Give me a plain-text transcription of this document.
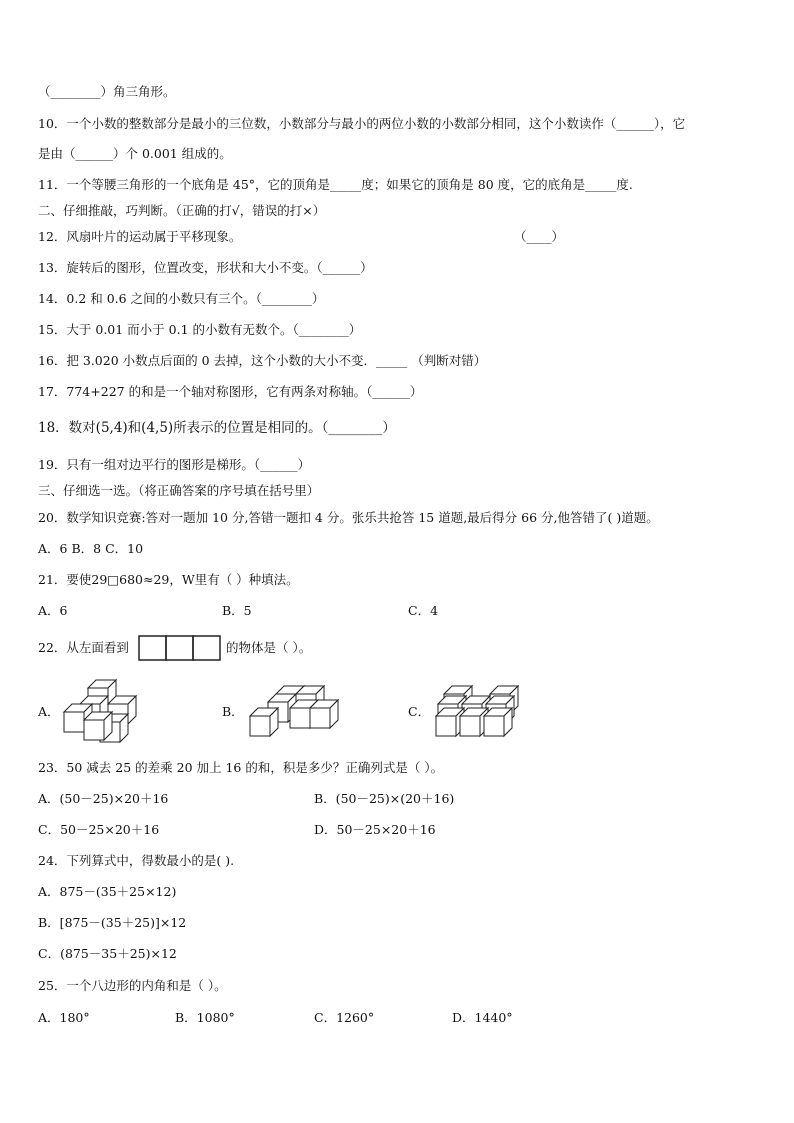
（________）角三角形。
10．一个小数的整数部分是最小的三位数，小数部分与最小的两位小数的小数部分相同，这个小数读作（______），它
是由（______）个 0.001 组成的。
11．一个等腰三角形的一个底角是 45°，它的顶角是_____度；如果它的顶角是 80 度，它的底角是_____度.
二、仔细推敲，巧判断。（正确的打√，错误的打×）
12．风扇叶片的运动属于平移现象。	（____）
13．旋转后的图形，位置改变，形状和大小不变。（______）
14．0.2 和 0.6 之间的小数只有三个。（________）
15．大于 0.01 而小于 0.1 的小数有无数个。（________）
16．把 3.020 小数点后面的 0 去掉，这个小数的大小不变．_____ （判断对错）
17．774+227 的和是一个轴对称图形，它有两条对称轴。（______）
18．数对(5,4)和(4,5)所表示的位置是相同的。（________）
19．只有一组对边平行的图形是梯形。（______）
三、仔细选一选。（将正确答案的序号填在括号里）
20．数学知识竞赛:答对一题加 10 分,答错一题扣 4 分。张乐共抢答 15 道题,最后得分 66 分,他答错了( )道题。
A．6 B．8 C．10
21．要使29□680≈29，W里有（ ）种填法。
A．6	B．5	C．4
22．从左面看到	的物体是（ ）。
A．	B．	C．
23．50 减去 25 的差乘 20 加上 16 的和，积是多少？正确列式是（ ）。
A．(50－25)×20＋16	B．(50－25)×(20＋16)
C．50－25×20＋16	D．50－25×20＋16
24．下列算式中，得数最小的是( ).
A．875－(35＋25×12)
B．[875－(35＋25)]×12
C．(875－35＋25)×12
25．一个八边形的内角和是（ ）。
A．180°	B．1080°	C．1260°	D．1440°
